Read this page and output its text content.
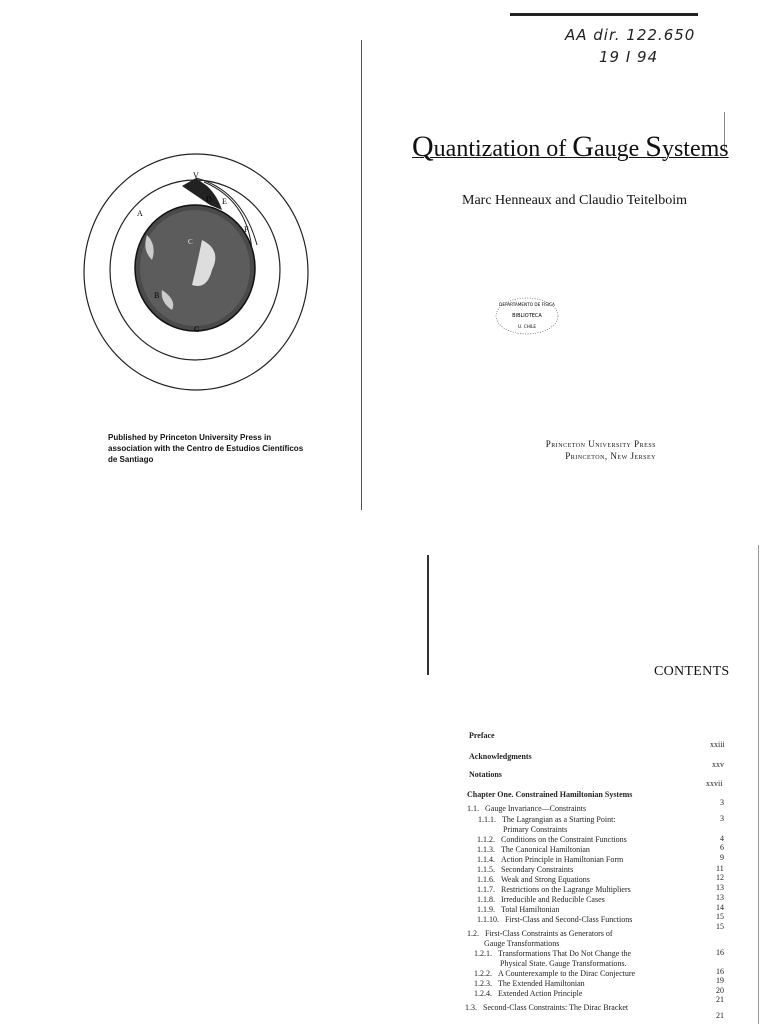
AA dir. 122.650
19 I 94
V
A
B
C
D E
F
G
Quantization of Gauge Systems
Marc Henneaux and Claudio Teitelboim
DEPARTAMENTO DE FISICA
BIBLIOTECA
U. CHILE
Published by Princeton University Press in association with the Centro de Estudios Científicos de Santiago
Princeton University Press
Princeton, New Jersey
CONTENTS
Preface
xxiii
Acknowledgments
xxv
Notations
xxvii
Chapter One. Constrained Hamiltonian Systems
3
1.1. Gauge Invariance—Constraints
3
1.1.1. The Lagrangian as a Starting Point:
Primary Constraints
4
1.1.2. Conditions on the Constraint Functions
6
1.1.3. The Canonical Hamiltonian
9
1.1.4. Action Principle in Hamiltonian Form
11
1.1.5. Secondary Constraints
12
1.1.6. Weak and Strong Equations
13
1.1.7. Restrictions on the Lagrange Multipliers
13
1.1.8. Irreducible and Reducible Cases
14
1.1.9. Total Hamiltonian
15
1.1.10. First-Class and Second-Class Functions
15
1.2. First-Class Constraints as Generators of
Gauge Transformations
16
1.2.1. Transformations That Do Not Change the
Physical State. Gauge Transformations.
16
1.2.2. A Counterexample to the Dirac Conjecture
19
1.2.3. The Extended Hamiltonian
20
1.2.4. Extended Action Principle
21
1.3. Second-Class Constraints: The Dirac Bracket
21
